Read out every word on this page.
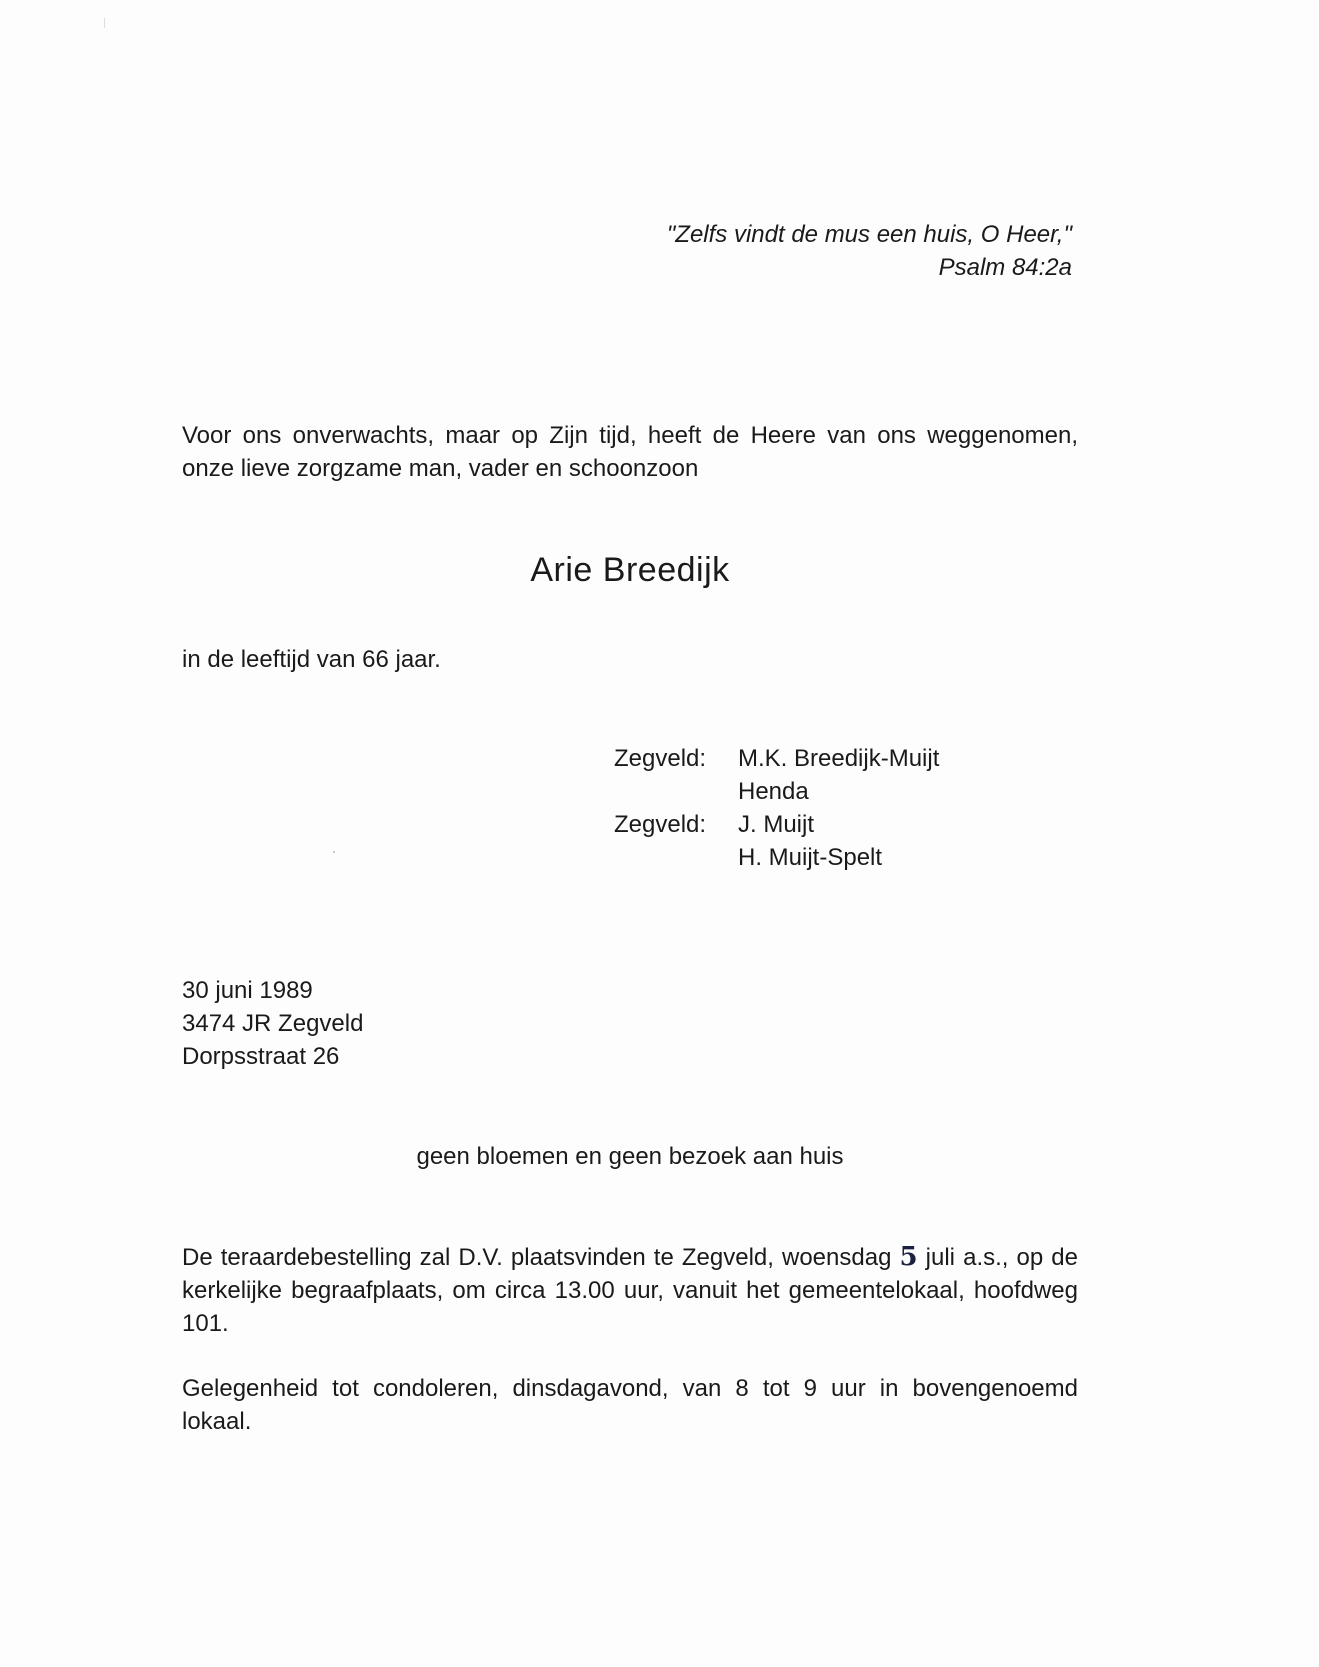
"Zelfs vindt de mus een huis, O Heer,"
Psalm 84:2a

Voor ons onverwachts, maar op Zijn tijd, heeft de Heere van ons weggenomen, onze lieve zorgzame man, vader en schoonzoon

Arie Breedijk
in de leeftijd van 66 jaar.
Zegveld:	M.K. Breedijk-Muijt
Henda
Zegveld:	J. Muijt
H. Muijt-Spelt
30 juni 1989
3474 JR Zegveld
Dorpsstraat 26
geen bloemen en geen bezoek aan huis

De teraardebestelling zal D.V. plaatsvinden te Zegveld, woensdag 5 juli a.s., op de kerkelijke begraafplaats, om circa 13.00 uur, vanuit het gemeentelokaal, hoofdweg 101.

Gelegenheid tot condoleren, dinsdagavond, van 8 tot 9 uur in bovengenoemd lokaal.
